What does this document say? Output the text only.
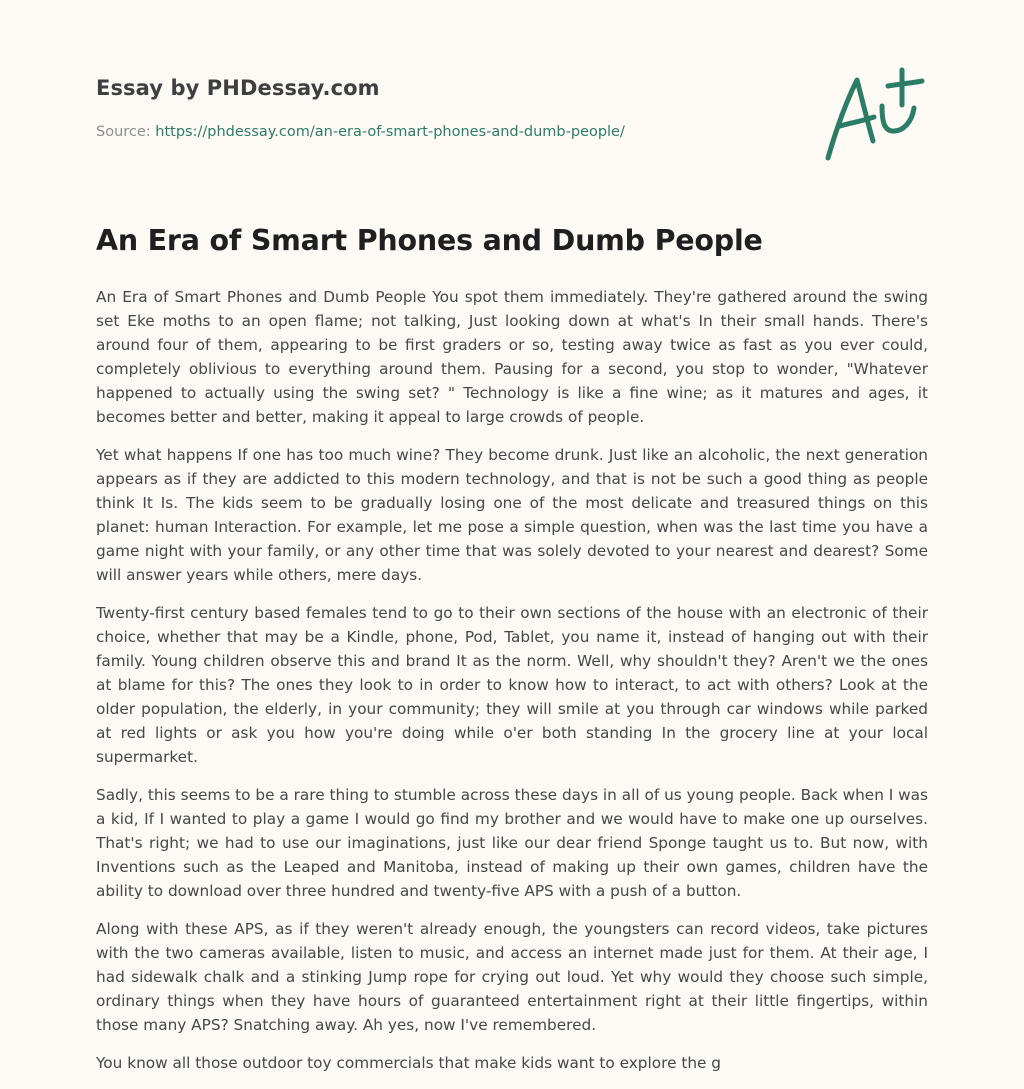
Essay by PHDessay.com
Source: https://phdessay.com/an-era-of-smart-phones-and-dumb-people/
An Era of Smart Phones and Dumb People

An Era of Smart Phones and Dumb People You spot them immediately. They're gathered around the swing set Eke moths to an open flame; not talking, Just looking down at what's In their small hands. There's around four of them, appearing to be first graders or so, testing away twice as fast as you ever could, completely oblivious to everything around them. Pausing for a second, you stop to wonder, "Whatever happened to actually using the swing set? " Technology is like a fine wine; as it matures and ages, it becomes better and better, making it appeal to large crowds of people.

Yet what happens If one has too much wine? They become drunk. Just like an alcoholic, the next generation appears as if they are addicted to this modern technology, and that is not be such a good thing as people think It Is. The kids seem to be gradually losing one of the most delicate and treasured things on this planet: human Interaction. For example, let me pose a simple question, when was the last time you have a game night with your family, or any other time that was solely devoted to your nearest and dearest? Some will answer years while others, mere days.

Twenty-first century based females tend to go to their own sections of the house with an electronic of their choice, whether that may be a Kindle, phone, Pod, Tablet, you name it, instead of hanging out with their family. Young children observe this and brand It as the norm. Well, why shouldn't they? Aren't we the ones at blame for this? The ones they look to in order to know how to interact, to act with others? Look at the older population, the elderly, in your community; they will smile at you through car windows while parked at red lights or ask you how you're doing while o'er both standing In the grocery line at your local supermarket.

Sadly, this seems to be a rare thing to stumble across these days in all of us young people. Back when I was a kid, If I wanted to play a game I would go find my brother and we would have to make one up ourselves. That's right; we had to use our imaginations, just like our dear friend Sponge taught us to. But now, with Inventions such as the Leaped and Manitoba, instead of making up their own games, children have the ability to download over three hundred and twenty-five APS with a push of a button.

Along with these APS, as if they weren't already enough, the youngsters can record videos, take pictures with the two cameras available, listen to music, and access an internet made just for them. At their age, I had sidewalk chalk and a stinking Jump rope for crying out loud. Yet why would they choose such simple, ordinary things when they have hours of guaranteed entertainment right at their little fingertips, within those many APS? Snatching away. Ah yes, now I've remembered.

You know all those outdoor toy commercials that make kids want to explore the g
